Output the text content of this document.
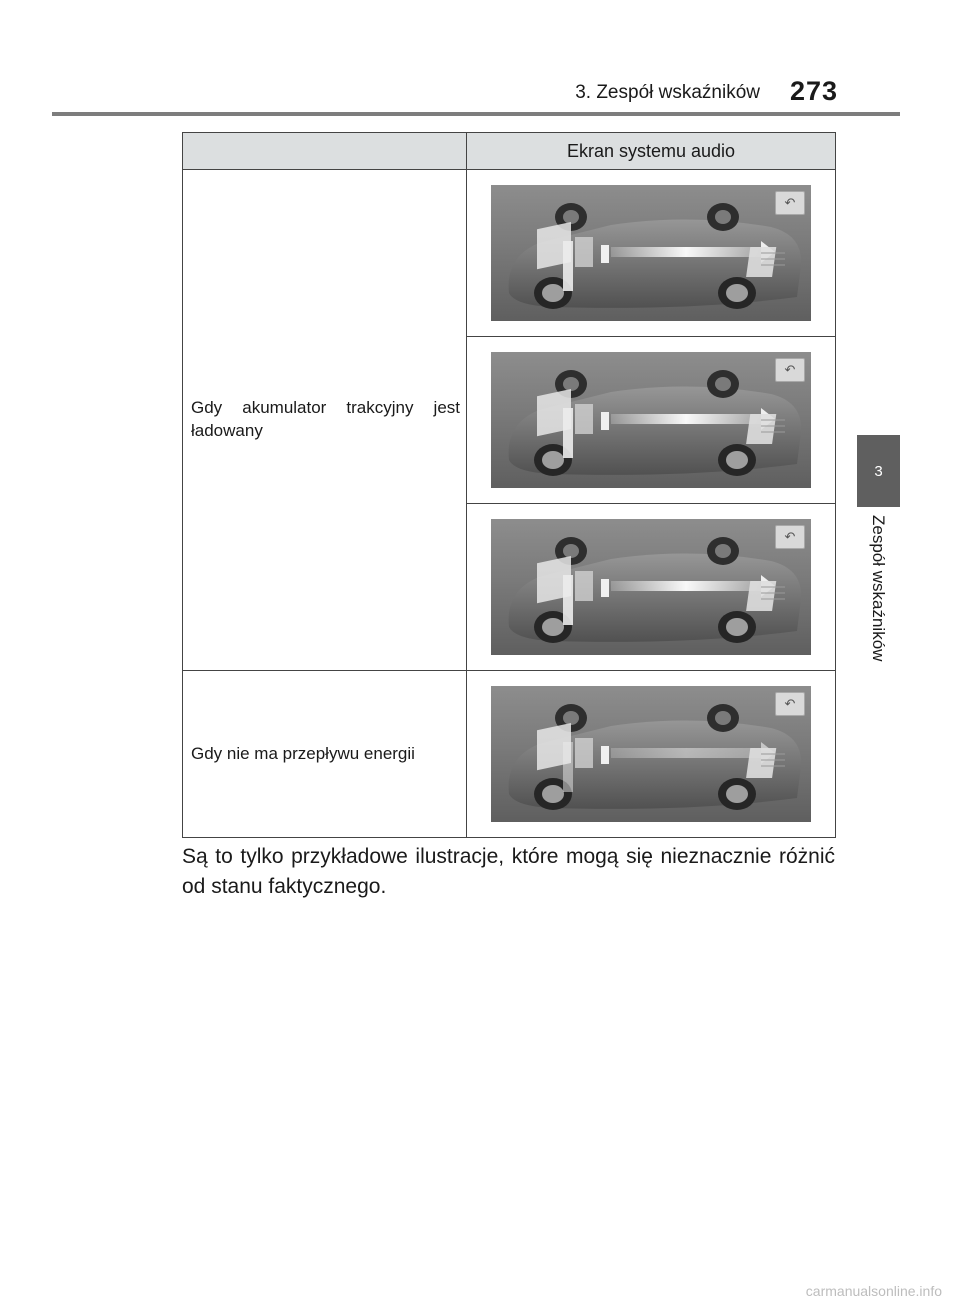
3. Zespół wskaźników 273
3
Zespół wskaźników
	Ekran systemu audio
Gdy akumulator trakcyjny jest ładowany	↶

↶

↶

Gdy nie ma przepływu energii	↶
Są to tylko przykładowe ilustracje, które mogą się nieznacznie różnić od stanu faktycznego.
carmanualsonline.info
